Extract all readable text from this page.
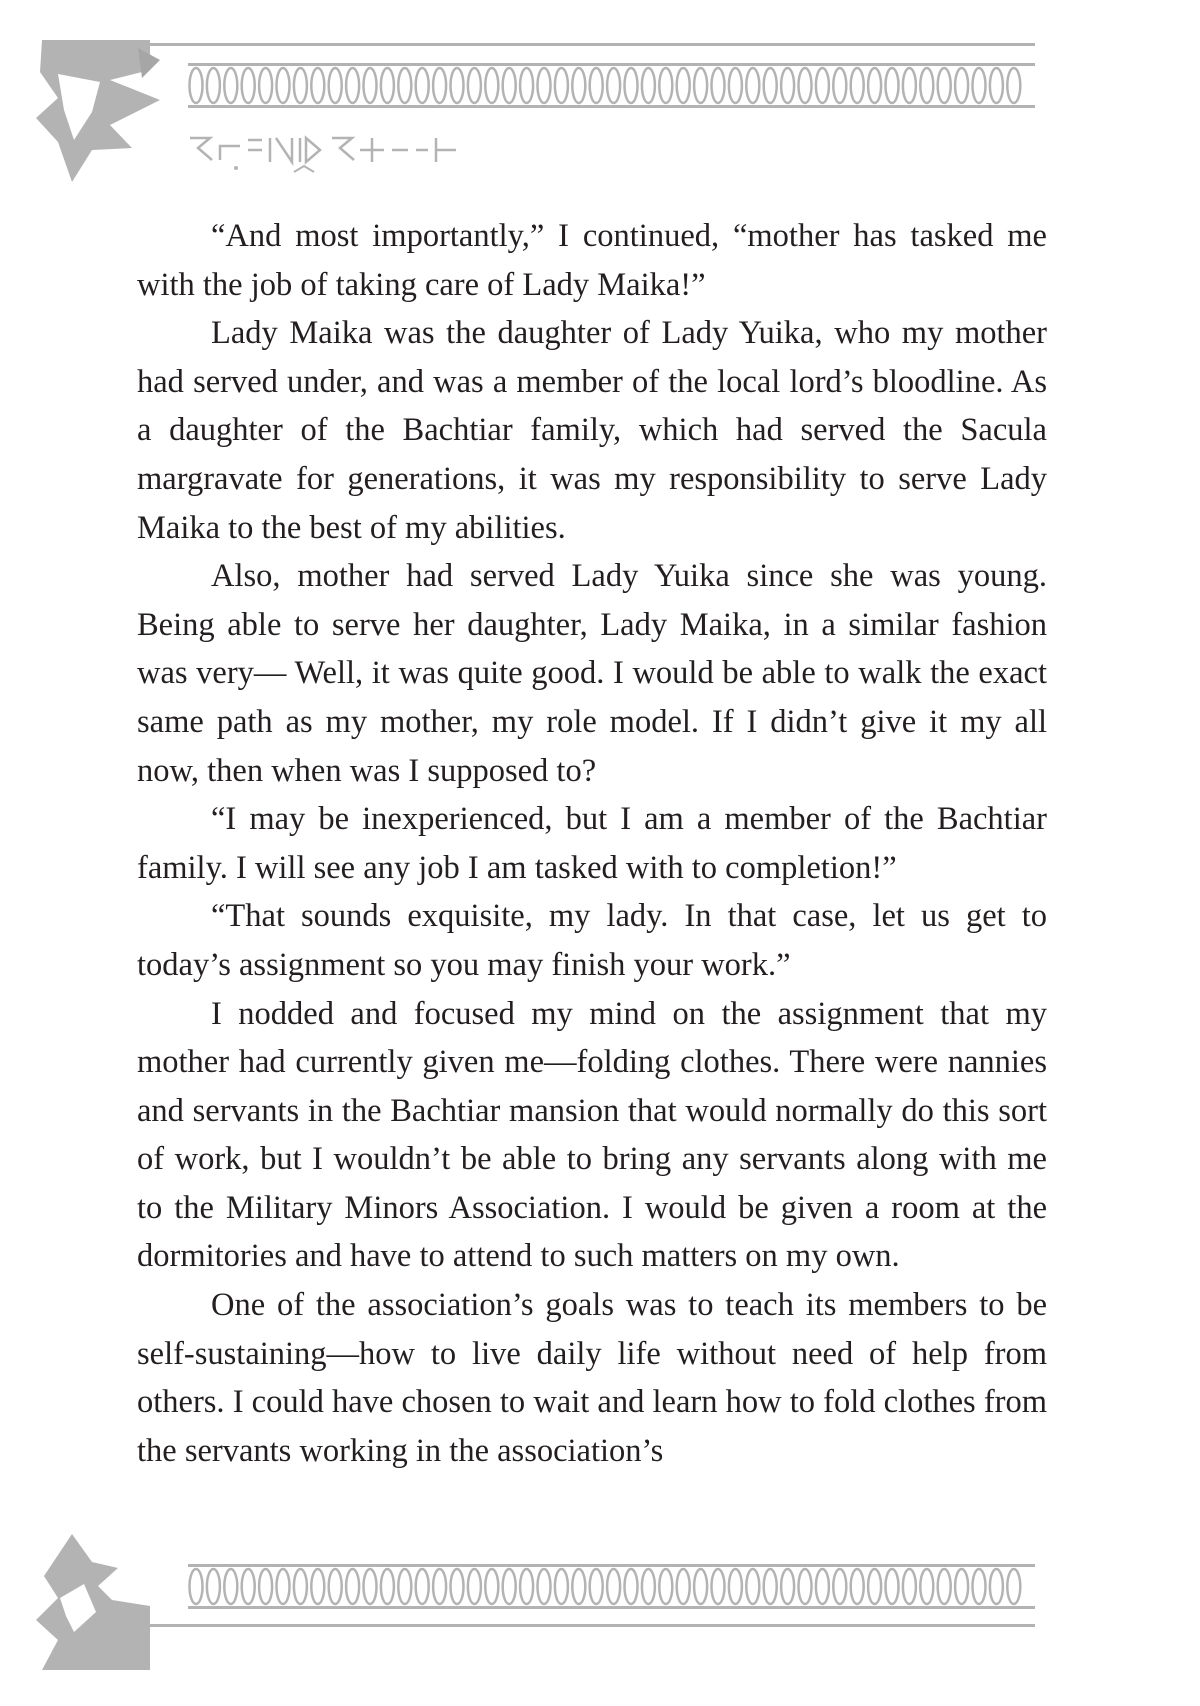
“And most importantly,” I continued, “mother has tasked me with the job of taking care of Lady Maika!”

Lady Maika was the daughter of Lady Yuika, who my mother had served under, and was a member of the local lord’s bloodline. As a daughter of the Bachtiar family, which had served the Sacula margravate for generations, it was my responsibility to serve Lady Maika to the best of my abilities.

Also, mother had served Lady Yuika since she was young. Being able to serve her daughter, Lady Maika, in a similar fashion was very— Well, it was quite good. I would be able to walk the exact same path as my mother, my role model. If I didn’t give it my all now, then when was I supposed to?

“I may be inexperienced, but I am a member of the Bachtiar family. I will see any job I am tasked with to completion!”

“That sounds exquisite, my lady. In that case, let us get to today’s assignment so you may finish your work.”

I nodded and focused my mind on the assignment that my mother had currently given me—folding clothes. There were nannies and servants in the Bachtiar mansion that would normally do this sort of work, but I wouldn’t be able to bring any servants along with me to the Military Minors Association. I would be given a room at the dormitories and have to attend to such matters on my own.

One of the association’s goals was to teach its members to be self-sustaining—how to live daily life without need of help from others. I could have chosen to wait and learn how to fold clothes from the servants working in the association’s
